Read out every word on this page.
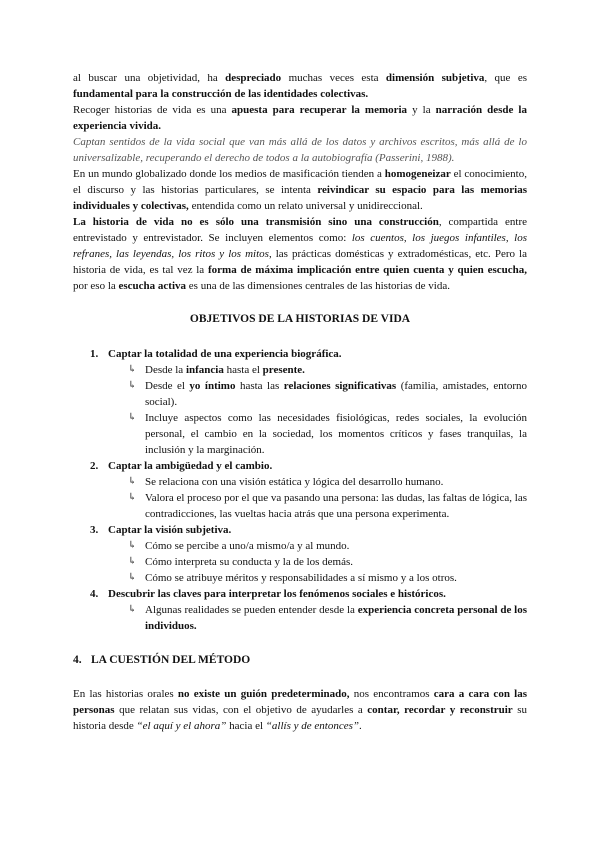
al buscar una objetividad, ha despreciado muchas veces esta dimensión subjetiva, que es fundamental para la construcción de las identidades colectivas.

Recoger historias de vida es una apuesta para recuperar la memoria y la narración desde la experiencia vivida.

Captan sentidos de la vida social que van más allá de los datos y archivos escritos, más allá de lo universalizable, recuperando el derecho de todos a la autobiografía (Passerini, 1988).

En un mundo globalizado donde los medios de masificación tienden a homogeneizar el conocimiento, el discurso y las historias particulares, se intenta reivindicar su espacio para las memorias individuales y colectivas, entendida como un relato universal y unidireccional.

La historia de vida no es sólo una transmisión sino una construcción, compartida entre entrevistado y entrevistador. Se incluyen elementos como: los cuentos, los juegos infantiles, los refranes, las leyendas, los ritos y los mitos, las prácticas domésticas y extradomésticas, etc. Pero la historia de vida, es tal vez la forma de máxima implicación entre quien cuenta y quien escucha, por eso la escucha activa es una de las dimensiones centrales de las historias de vida.

OBJETIVOS DE LA HISTORIAS DE VIDA
1. Captar la totalidad de una experiencia biográfica.
↳ Desde la infancia hasta el presente.
↳ Desde el yo íntimo hasta las relaciones significativas (familia, amistades, entorno social).
↳ Incluye aspectos como las necesidades fisiológicas, redes sociales, la evolución personal, el cambio en la sociedad, los momentos críticos y fases tranquilas, la inclusión y la marginación.
2. Captar la ambigüedad y el cambio.
↳ Se relaciona con una visión estática y lógica del desarrollo humano.
↳ Valora el proceso por el que va pasando una persona: las dudas, las faltas de lógica, las contradicciones, las vueltas hacia atrás que una persona experimenta.
3. Captar la visión subjetiva.
↳ Cómo se percibe a uno/a mismo/a y al mundo.
↳ Cómo interpreta su conducta y la de los demás.
↳ Cómo se atribuye méritos y responsabilidades a sí mismo y a los otros.
4. Descubrir las claves para interpretar los fenómenos sociales e históricos.
↳ Algunas realidades se pueden entender desde la experiencia concreta personal de los individuos.
4. LA CUESTIÓN DEL MÉTODO

En las historias orales no existe un guión predeterminado, nos encontramos cara a cara con las personas que relatan sus vidas, con el objetivo de ayudarles a contar, recordar y reconstruir su historia desde “el aquí y el ahora” hacia el “allís y de entonces”.
